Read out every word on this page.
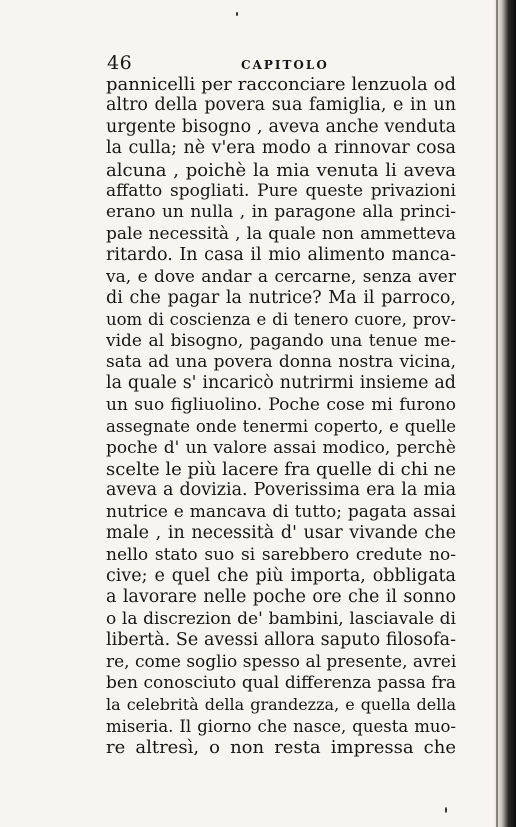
46	CAPITOLO
pannicelli per racconciare lenzuola od
altro della povera sua famiglia, e in un
urgente bisogno , aveva anche venduta
la culla; nè v'era modo a rinnovar cosa
alcuna , poichè la mia venuta li aveva
affatto spogliati. Pure queste privazioni
erano un nulla , in paragone alla princi-
pale necessità , la quale non ammetteva
ritardo. In casa il mio alimento manca-
va, e dove andar a cercarne, senza aver
di che pagar la nutrice? Ma il parroco,
uom di coscienza e di tenero cuore, prov-
vide al bisogno, pagando una tenue me-
sata ad una povera donna nostra vicina,
la quale s' incaricò nutrirmi insieme ad
un suo figliuolino. Poche cose mi furono
assegnate onde tenermi coperto, e quelle
poche d' un valore assai modico, perchè
scelte le più lacere fra quelle di chi ne
aveva a dovizia. Poverissima era la mia
nutrice e mancava di tutto; pagata assai
male , in necessità d' usar vivande che
nello stato suo si sarebbero credute no-
cive; e quel che più importa, obbligata
a lavorare nelle poche ore che il sonno
o la discrezion de' bambini, lasciavale di
libertà. Se avessi allora saputo filosofa-
re, come soglio spesso al presente, avrei
ben conosciuto qual differenza passa fra
la celebrità della grandezza, e quella della
miseria. Il giorno che nasce, questa muo-
re altresì, o non resta impressa che
